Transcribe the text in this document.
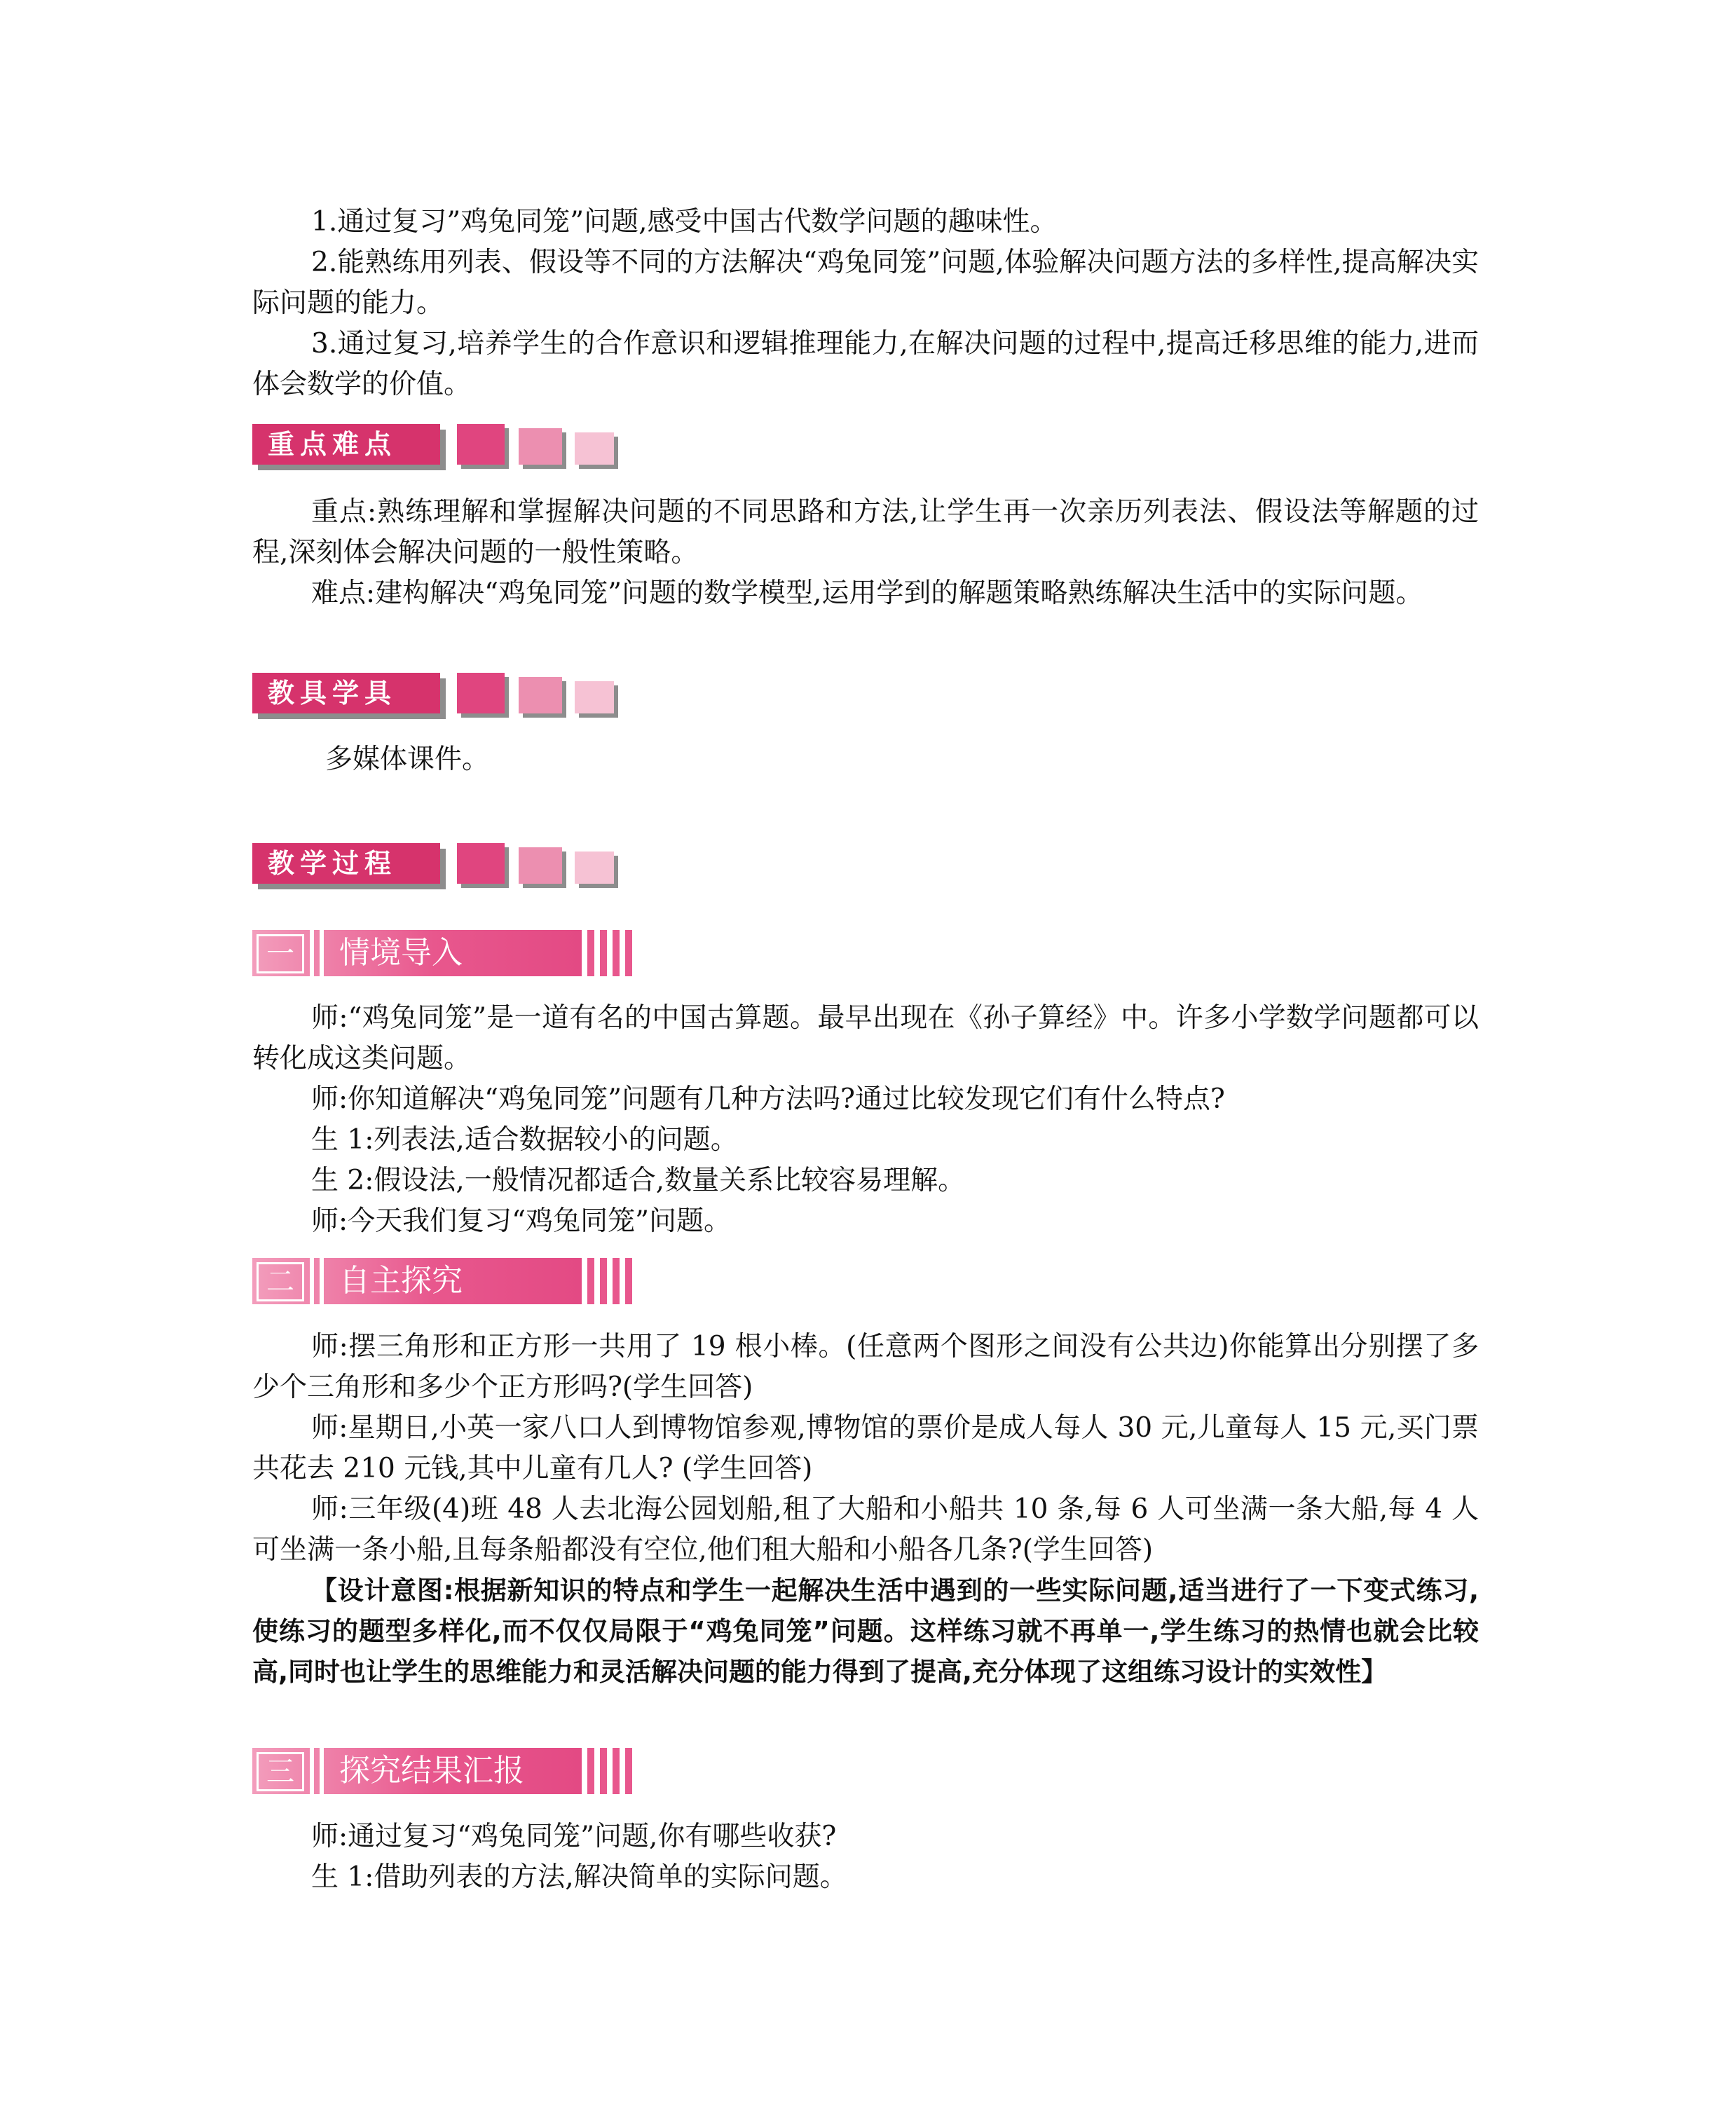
1.通过复习”鸡兔同笼”问题,感受中国古代数学问题的趣味性。

2.能熟练用列表、假设等不同的方法解决“鸡兔同笼”问题,体验解决问题方法的多样性,提高解决实际问题的能力。

3.通过复习,培养学生的合作意识和逻辑推理能力,在解决问题的过程中,提高迁移思维的能力,进而体会数学的价值。

重点难点

重点:熟练理解和掌握解决问题的不同思路和方法,让学生再一次亲历列表法、假设法等解题的过程,深刻体会解决问题的一般性策略。

难点:建构解决“鸡兔同笼”问题的数学模型,运用学到的解题策略熟练解决生活中的实际问题。

教具学具

多媒体课件。

教学过程
一	情境导入

师:“鸡兔同笼”是一道有名的中国古算题。最早出现在《孙子算经》中。许多小学数学问题都可以转化成这类问题。

师:你知道解决“鸡兔同笼”问题有几种方法吗?通过比较发现它们有什么特点?

生 1:列表法,适合数据较小的问题。

生 2:假设法,一般情况都适合,数量关系比较容易理解。

师:今天我们复习“鸡兔同笼”问题。

二	自主探究

师:摆三角形和正方形一共用了 19 根小棒。(任意两个图形之间没有公共边)你能算出分别摆了多少个三角形和多少个正方形吗?(学生回答)

师:星期日,小英一家八口人到博物馆参观,博物馆的票价是成人每人 30 元,儿童每人 15 元,买门票共花去 210 元钱,其中儿童有几人? (学生回答)

师:三年级(4)班 48 人去北海公园划船,租了大船和小船共 10 条,每 6 人可坐满一条大船,每 4 人可坐满一条小船,且每条船都没有空位,他们租大船和小船各几条?(学生回答)

【设计意图:根据新知识的特点和学生一起解决生活中遇到的一些实际问题,适当进行了一下变式练习,使练习的题型多样化,而不仅仅局限于“鸡兔同笼”问题。这样练习就不再单一,学生练习的热情也就会比较高,同时也让学生的思维能力和灵活解决问题的能力得到了提高,充分体现了这组练习设计的实效性】

三	探究结果汇报

师:通过复习“鸡兔同笼”问题,你有哪些收获?

生 1:借助列表的方法,解决简单的实际问题。
